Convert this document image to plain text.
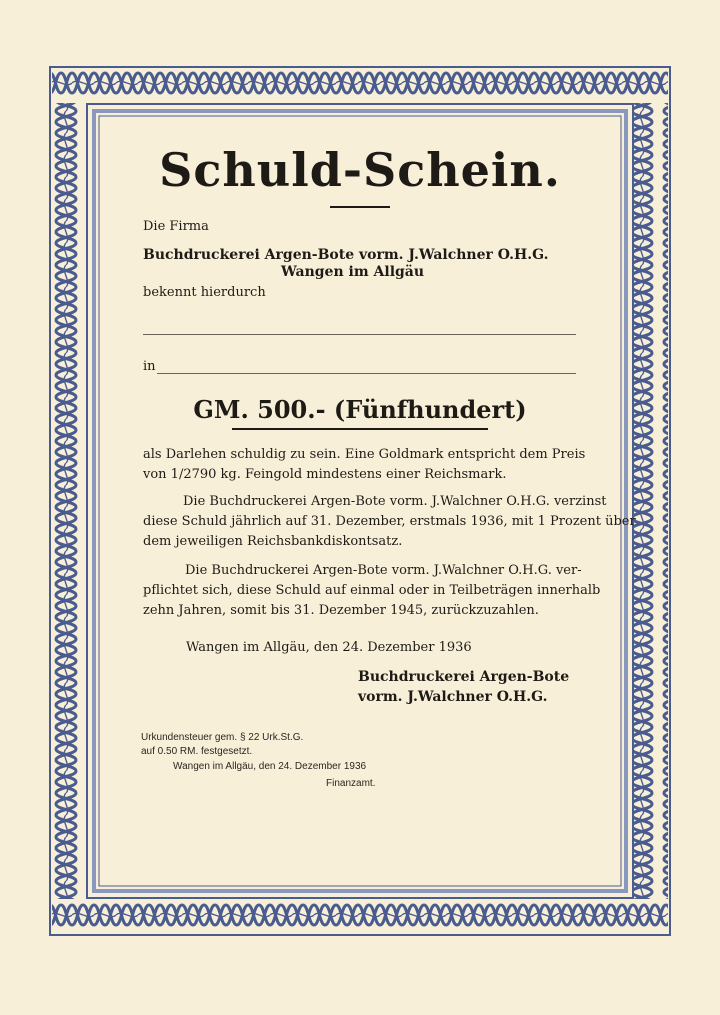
Schuld-Schein.
Die Firma
Buchdruckerei Argen-Bote vorm. J.Walchner O.H.G.
Wangen im Allgäu
bekennt hierdurch
in
GM. 500.- (Fünfhundert)
als Darlehen schuldig zu sein. Eine Goldmark entspricht dem Preis
von 1/2790 kg. Feingold mindestens einer Reichsmark.
Die Buchdruckerei Argen-Bote vorm. J.Walchner O.H.G. verzinst
diese Schuld jährlich auf 31. Dezember, erstmals 1936, mit 1 Prozent über
dem jeweiligen Reichsbankdiskontsatz.
Die Buchdruckerei Argen-Bote vorm. J.Walchner O.H.G. ver-
pflichtet sich, diese Schuld auf einmal oder in Teilbeträgen innerhalb
zehn Jahren, somit bis 31. Dezember 1945, zurückzuzahlen.
Wangen im Allgäu, den 24. Dezember 1936
Buchdruckerei Argen-Bote
vorm. J.Walchner O.H.G.
Urkundensteuer gem. § 22 Urk.St.G.
auf 0.50 RM. festgesetzt.
Wangen im Allgäu, den 24. Dezember 1936
Finanzamt.
